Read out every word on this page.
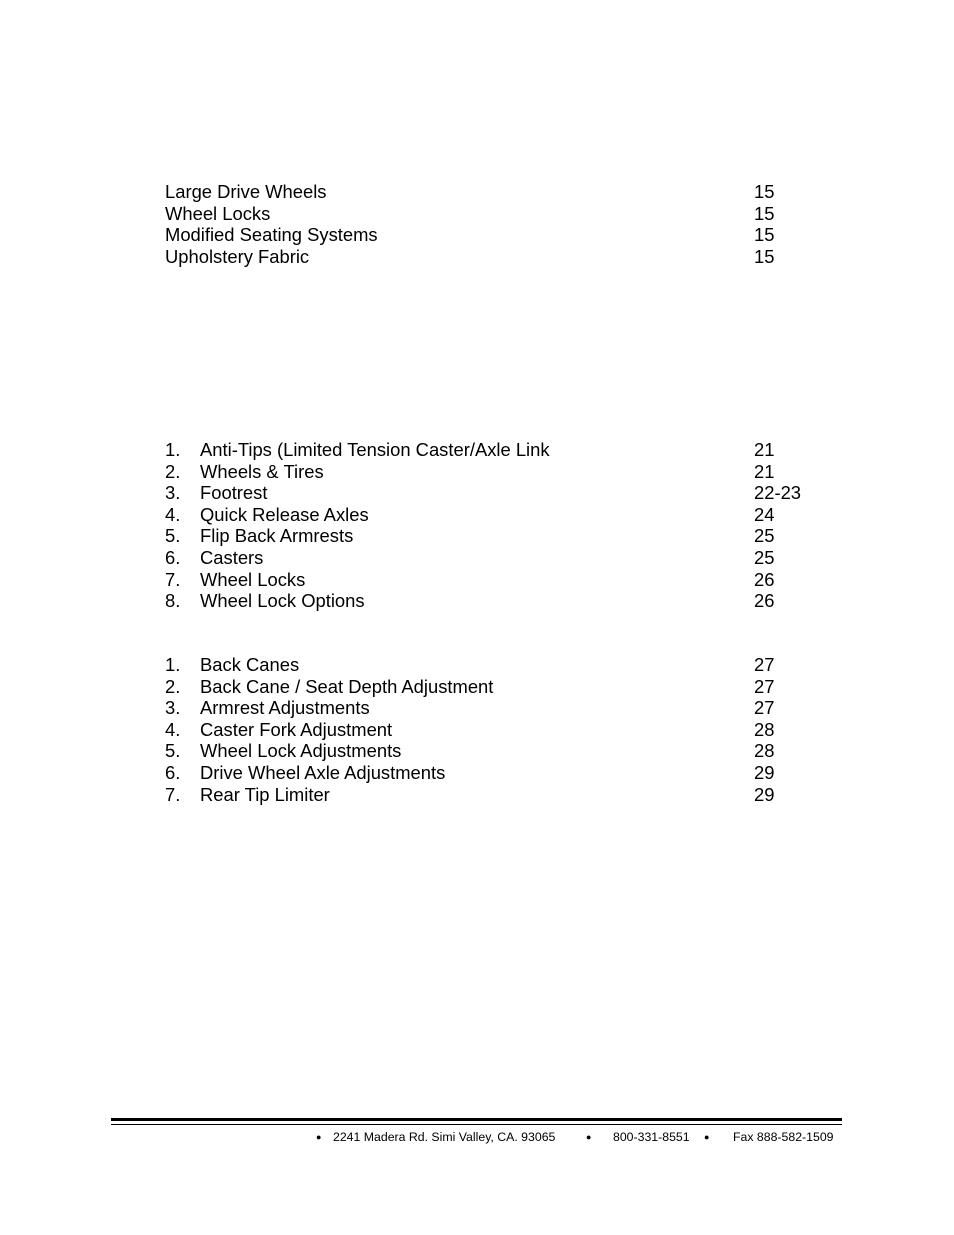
Large Drive Wheels	15
Wheel Locks	15
Modified Seating Systems	15
Upholstery Fabric	15
1. Anti-Tips (Limited Tension Caster/Axle Link	21
2. Wheels & Tires	21
3. Footrest	22-23
4. Quick Release Axles	24
5. Flip Back Armrests	25
6. Casters	25
7. Wheel Locks	26
8. Wheel Lock Options	26
1. Back Canes	27
2. Back Cane / Seat Depth Adjustment	27
3. Armrest Adjustments	27
4. Caster Fork Adjustment	28
5. Wheel Lock Adjustments	28
6. Drive Wheel Axle Adjustments	29
7. Rear Tip Limiter	29
● 2241 Madera Rd. Simi Valley, CA. 93065	● 800-331-8551 ● Fax 888-582-1509
